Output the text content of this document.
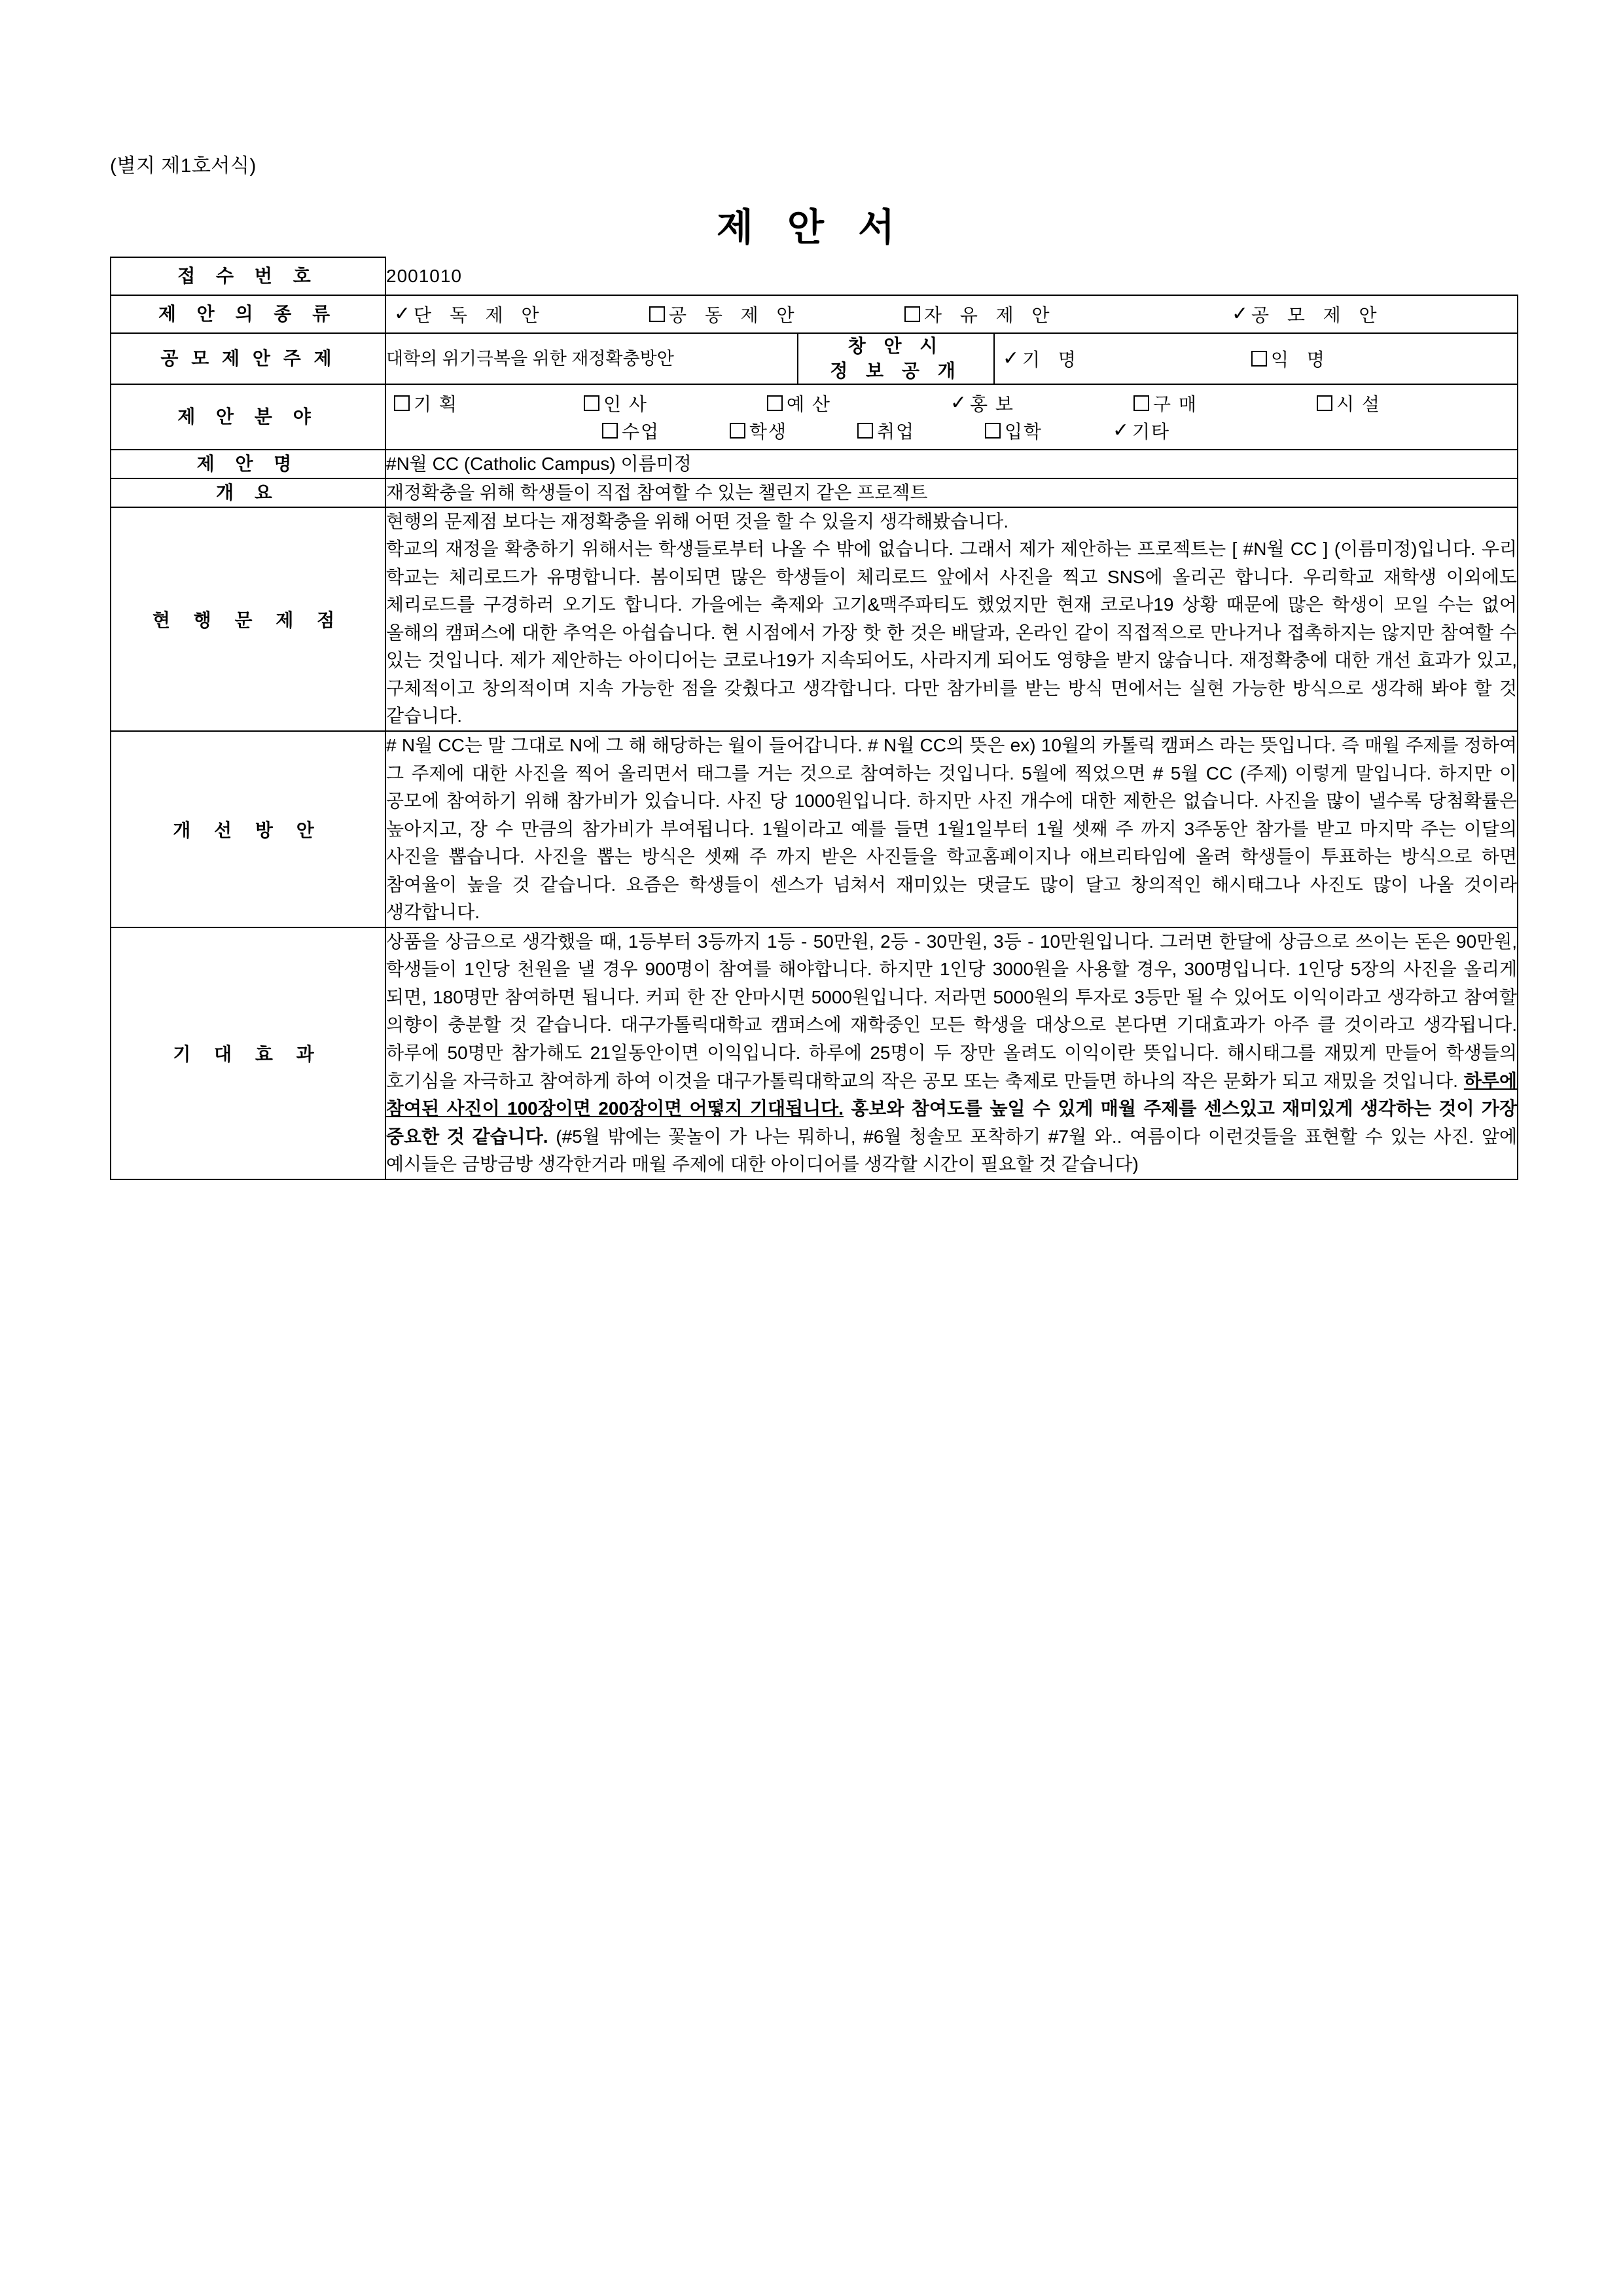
(별지 제1호서식)
제 안 서
접 수 번 호	2001010		
제 안 의 종 류	✓ 단 독 제 안	공 동 제 안	자 유 제 안	✓ 공 모 제 안

공 모 제 안 주 제	대학의 위기극복을 위한 재정확충방안	
창 안 시
정 보 공 개

✓ 기 명	익 명

제 안 분 야	
기 획	인 사	예 산	✓ 홍 보	구 매	시 설
수업	학생	취업	입학	✓ 기타

제 안 명	#N월 CC (Catholic Campus) 이름미정		
개 요	재정확충을 위해 학생들이 직접 참여할 수 있는 챌린지 같은 프로젝트		
현 행 문 제 점	현행의 문제점 보다는 재정확충을 위해 어떤 것을 할 수 있을지 생각해봤습니다.

학교의 재정을 확충하기 위해서는 학생들로부터 나올 수 밖에 없습니다. 그래서 제가 제안하는 프로젝트는 [ #N월 CC ] (이름미정)입니다. 우리 학교는 체리로드가 유명합니다. 봄이되면 많은 학생들이 체리로드 앞에서 사진을 찍고 SNS에 올리곤 합니다. 우리학교 재학생 이외에도 체리로드를 구경하러 오기도 합니다. 가을에는 축제와 고기&맥주파티도 했었지만 현재 코로나19 상황 때문에 많은 학생이 모일 수는 없어 올해의 캠퍼스에 대한 추억은 아쉽습니다. 현 시점에서 가장 핫 한 것은 배달과, 온라인 같이 직접적으로 만나거나 접촉하지는 않지만 참여할 수 있는 것입니다. 제가 제안하는 아이디어는 코로나19가 지속되어도, 사라지게 되어도 영향을 받지 않습니다. 재정확충에 대한 개선 효과가 있고, 구체적이고 창의적이며 지속 가능한 점을 갖췄다고 생각합니다. 다만 참가비를 받는 방식 면에서는 실현 가능한 방식으로 생각해 봐야 할 것 같습니다.		

개 선 방 안	# N월 CC는 말 그대로 N에 그 해 해당하는 월이 들어갑니다. # N월 CC의 뜻은 ex) 10월의 카톨릭 캠퍼스 라는 뜻입니다. 즉 매월 주제를 정하여 그 주제에 대한 사진을 찍어 올리면서 태그를 거는 것으로 참여하는 것입니다. 5월에 찍었으면 # 5월 CC (주제) 이렇게 말입니다. 하지만 이 공모에 참여하기 위해 참가비가 있습니다. 사진 당 1000원입니다. 하지만 사진 개수에 대한 제한은 없습니다. 사진을 많이 낼수록 당첨확률은 높아지고, 장 수 만큼의 참가비가 부여됩니다. 1월이라고 예를 들면 1월1일부터 1월 셋째 주 까지 3주동안 참가를 받고 마지막 주는 이달의 사진을 뽑습니다. 사진을 뽑는 방식은 셋째 주 까지 받은 사진들을 학교홈페이지나 애브리타임에 올려 학생들이 투표하는 방식으로 하면 참여율이 높을 것 같습니다. 요즘은 학생들이 센스가 넘쳐서 재미있는 댓글도 많이 달고 창의적인 해시태그나 사진도 많이 나올 것이라 생각합니다.		

기 대 효 과	상품을 상금으로 생각했을 때, 1등부터 3등까지 1등 - 50만원, 2등 - 30만원, 3등 - 10만원입니다. 그러면 한달에 상금으로 쓰이는 돈은 90만원, 학생들이 1인당 천원을 낼 경우 900명이 참여를 해야합니다. 하지만 1인당 3000원을 사용할 경우, 300명입니다. 1인당 5장의 사진을 올리게 되면, 180명만 참여하면 됩니다. 커피 한 잔 안마시면 5000원입니다. 저라면 5000원의 투자로 3등만 될 수 있어도 이익이라고 생각하고 참여할 의향이 충분할 것 같습니다. 대구가톨릭대학교 캠퍼스에 재학중인 모든 학생을 대상으로 본다면 기대효과가 아주 클 것이라고 생각됩니다. 하루에 50명만 참가해도 21일동안이면 이익입니다. 하루에 25명이 두 장만 올려도 이익이란 뜻입니다. 해시태그를 재밌게 만들어 학생들의 호기심을 자극하고 참여하게 하여 이것을 대구가톨릭대학교의 작은 공모 또는 축제로 만들면 하나의 작은 문화가 되고 재밌을 것입니다. 하루에 참여된 사진이 100장이면 200장이면 어떻지 기대됩니다. 홍보와 참여도를 높일 수 있게 매월 주제를 센스있고 재미있게 생각하는 것이 가장 중요한 것 같습니다. (#5월 밖에는 꽃놀이 가 나는 뭐하니, #6월 청솔모 포착하기 #7월 와.. 여름이다 이런것들을 표현할 수 있는 사진. 앞에 예시들은 금방금방 생각한거라 매월 주제에 대한 아이디어를 생각할 시간이 필요할 것 같습니다)		
